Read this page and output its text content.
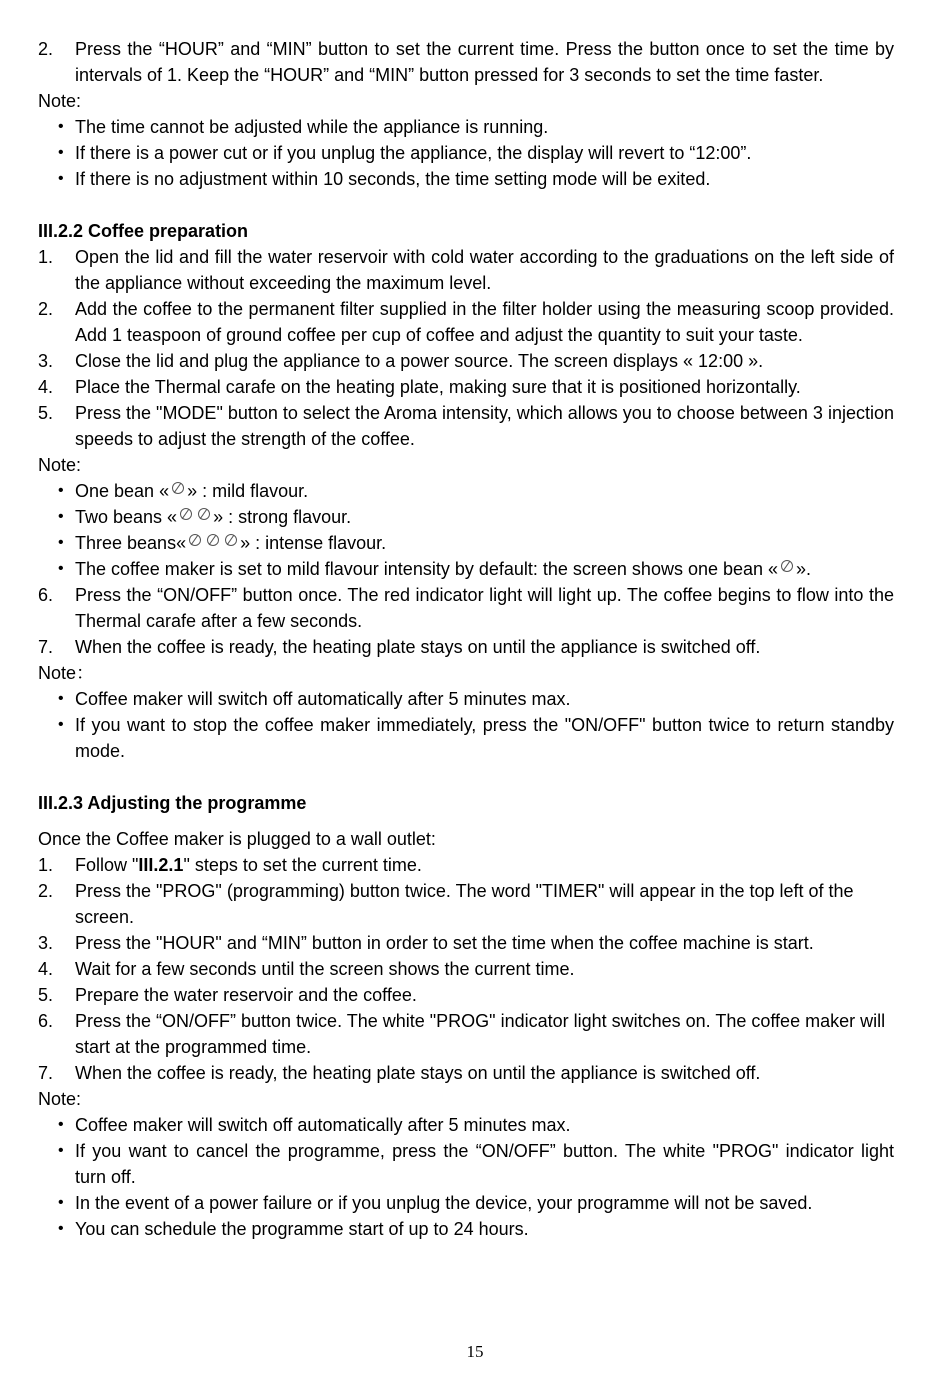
2.	Press the “HOUR” and “MIN” button to set the current time. Press the button once to set the time by intervals of 1. Keep the “HOUR” and “MIN” button pressed for 3 seconds to set the time faster.
Note:
• The time cannot be adjusted while the appliance is running.
• If there is a power cut or if you unplug the appliance, the display will revert to “12:00”.
• If there is no adjustment within 10 seconds, the time setting mode will be exited.
III.2.2 Coffee preparation
1.	Open the lid and fill the water reservoir with cold water according to the graduations on the left side of the appliance without exceeding the maximum level.
2.	Add the coffee to the permanent filter supplied in the filter holder using the measuring scoop provided. Add 1 teaspoon of ground coffee per cup of coffee and adjust the quantity to suit your taste.
3.	Close the lid and plug the appliance to a power source. The screen displays « 12:00 ».
4.	Place the Thermal carafe on the heating plate, making sure that it is positioned horizontally.
5.	Press the "MODE" button to select the Aroma intensity, which allows you to choose between 3 injection speeds to adjust the strength of the coffee.
Note:
• One bean « » : mild flavour.
• Two beans « » : strong flavour.
• Three beans«	» : intense flavour.
• The coffee maker is set to mild flavour intensity by default: the screen shows one bean « ».
6.	Press the “ON/OFF” button once. The red indicator light will light up. The coffee begins to flow into the Thermal carafe after a few seconds.
7.	When the coffee is ready, the heating plate stays on until the appliance is switched off.
Note：
• Coffee maker will switch off automatically after 5 minutes max.
• If you want to stop the coffee maker immediately, press the "ON/OFF" button twice to return standby mode.
III.2.3 Adjusting the programme
Once the Coffee maker is plugged to a wall outlet:
1.	Follow "III.2.1" steps to set the current time.
2.	Press the "PROG" (programming) button twice. The word "TIMER" will appear in the top left of the screen.
3.	Press the "HOUR" and “MIN” button in order to set the time when the coffee machine is start.
4.	Wait for a few seconds until the screen shows the current time.
5.	Prepare the water reservoir and the coffee.
6.	Press the “ON/OFF” button twice. The white "PROG" indicator light switches on. The coffee maker will start at the programmed time.
7.	When the coffee is ready, the heating plate stays on until the appliance is switched off.
Note:
• Coffee maker will switch off automatically after 5 minutes max.
• If you want to cancel the programme, press the “ON/OFF” button. The white "PROG" indicator light turn off.
• In the event of a power failure or if you unplug the device, your programme will not be saved.
• You can schedule the programme start of up to 24 hours.
15
